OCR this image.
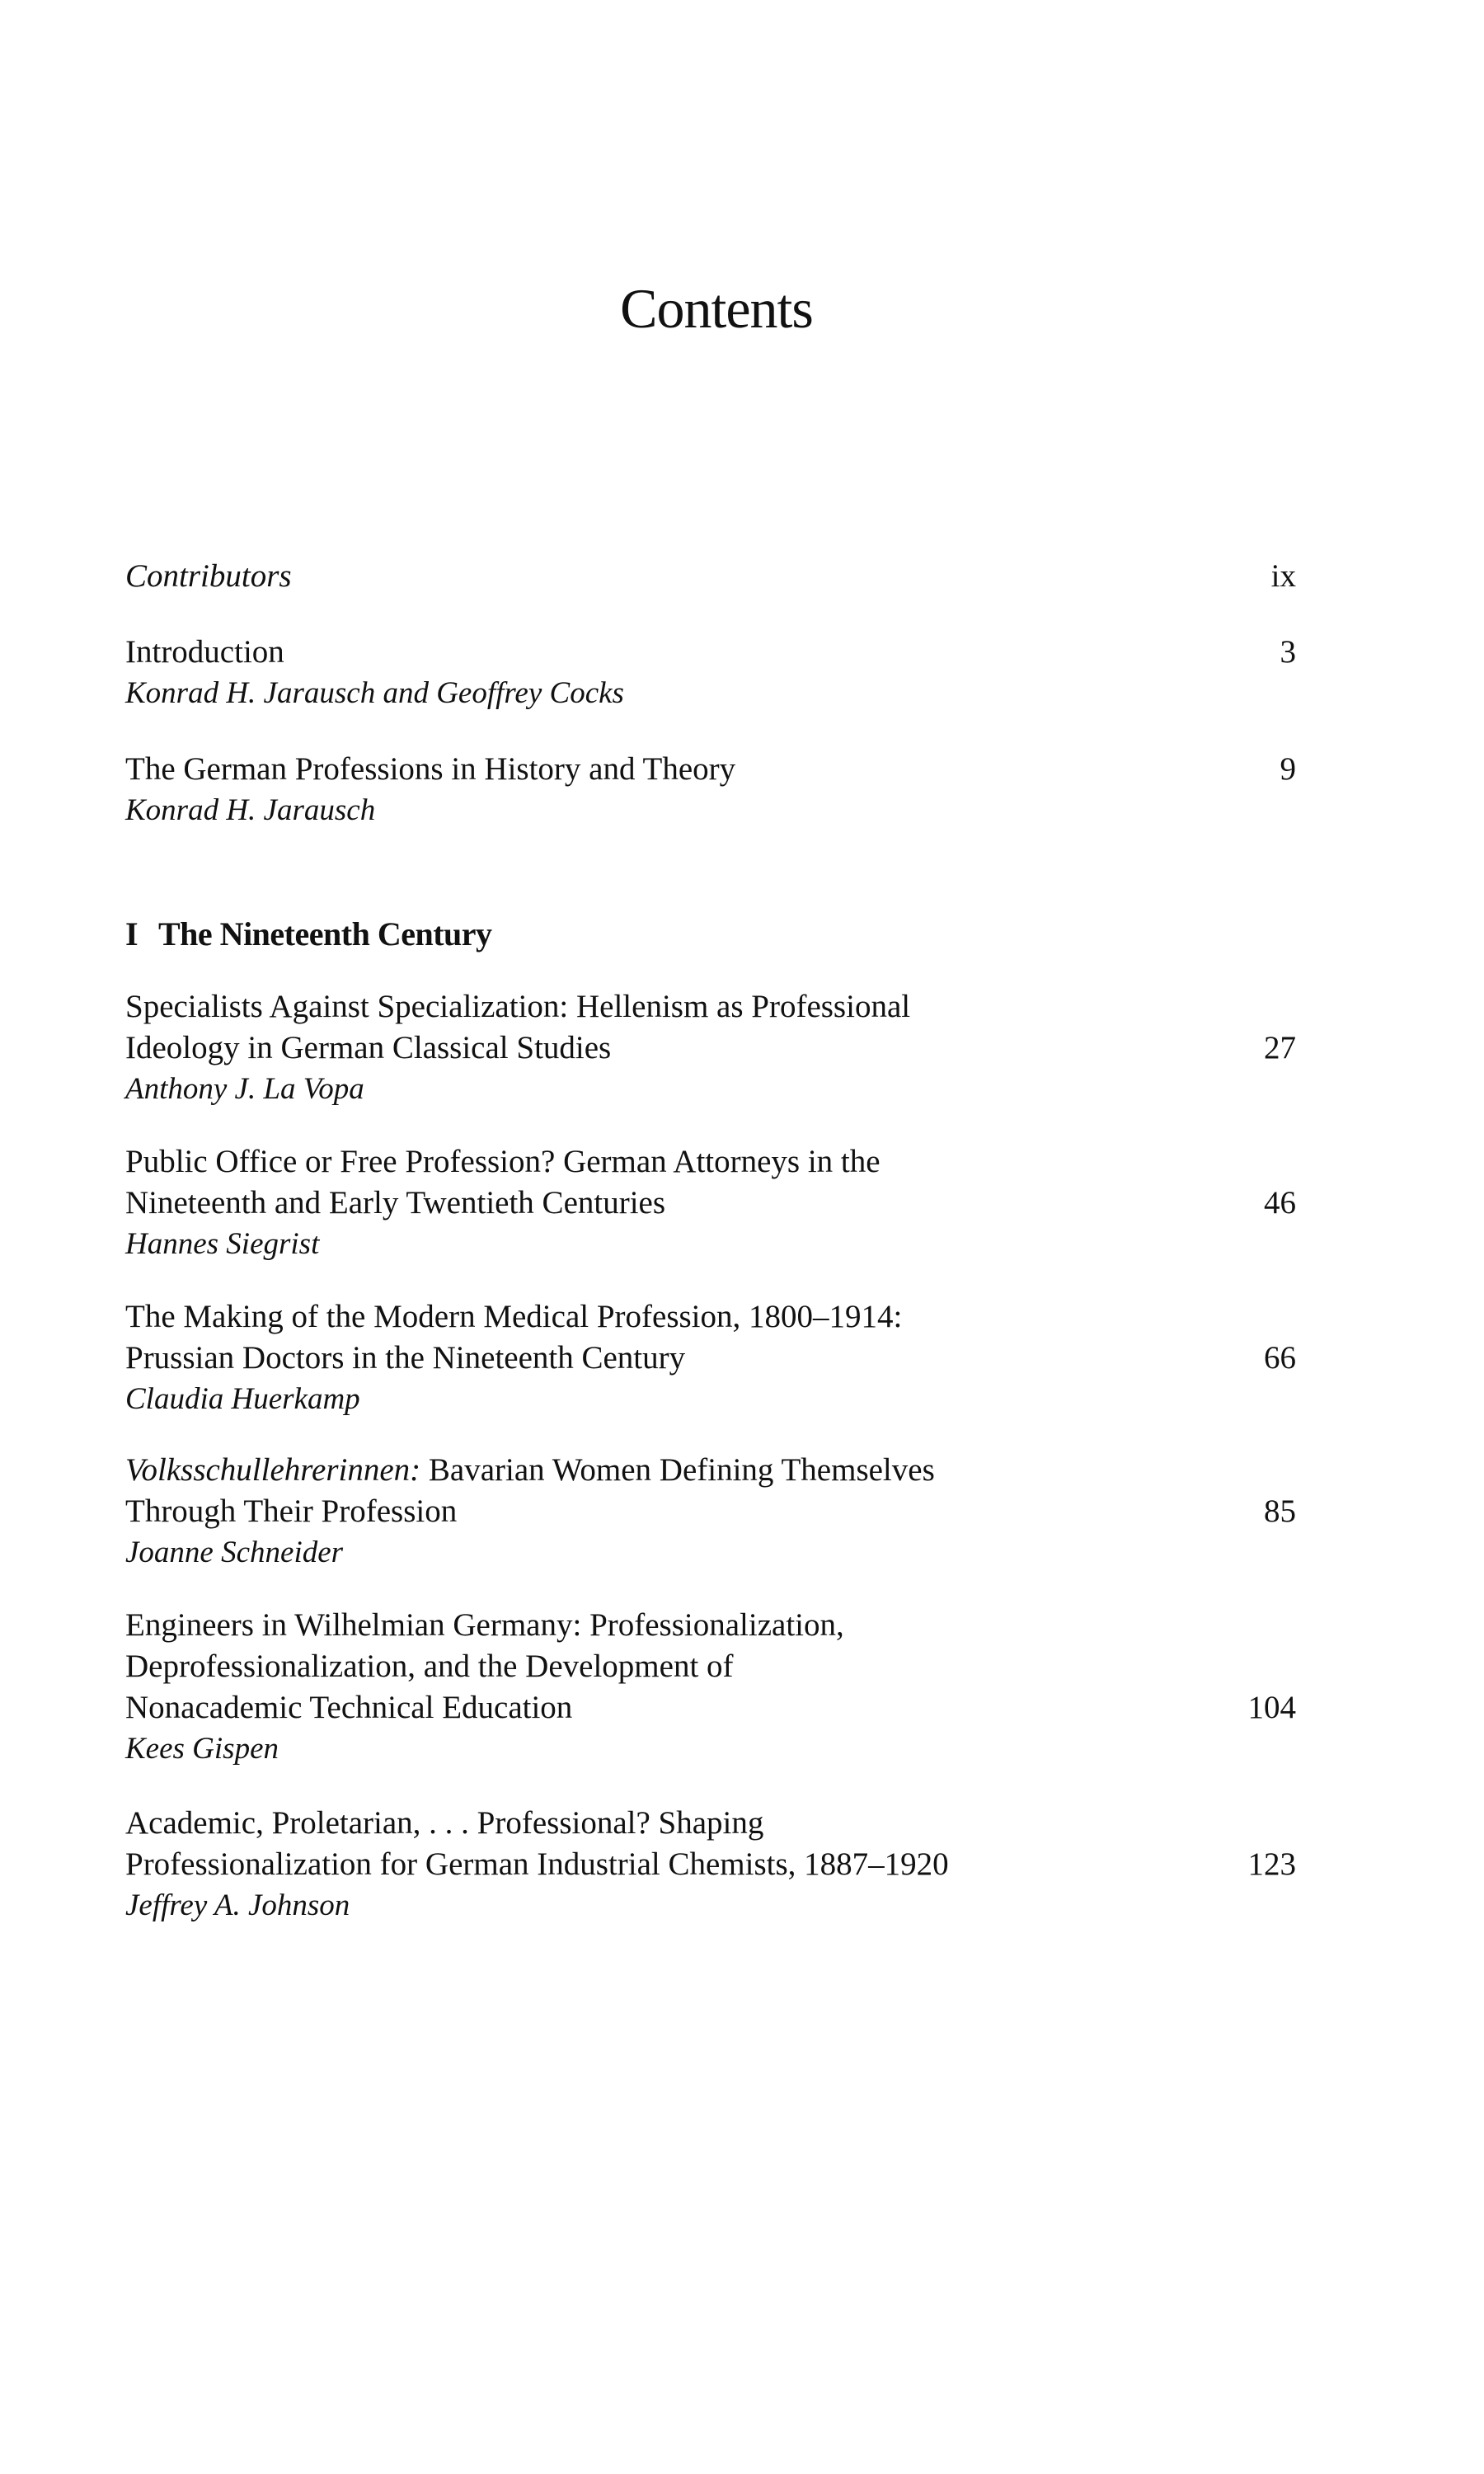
Contents
Contributors	ix
Introduction
Konrad H. Jarausch and Geoffrey Cocks
3
The German Professions in History and Theory
Konrad H. Jarausch
9
I The Nineteenth Century
Specialists Against Specialization: Hellenism as Professional
Ideology in German Classical Studies
Anthony J. La Vopa
27
Public Office or Free Profession? German Attorneys in the
Nineteenth and Early Twentieth Centuries
Hannes Siegrist
46
The Making of the Modern Medical Profession, 1800–1914:
Prussian Doctors in the Nineteenth Century
Claudia Huerkamp
66
Volksschullehrerinnen: Bavarian Women Defining Themselves
Through Their Profession
Joanne Schneider
85
Engineers in Wilhelmian Germany: Professionalization,
Deprofessionalization, and the Development of
Nonacademic Technical Education
Kees Gispen
104
Academic, Proletarian, . . . Professional? Shaping
Professionalization for German Industrial Chemists, 1887–1920
Jeffrey A. Johnson
123
